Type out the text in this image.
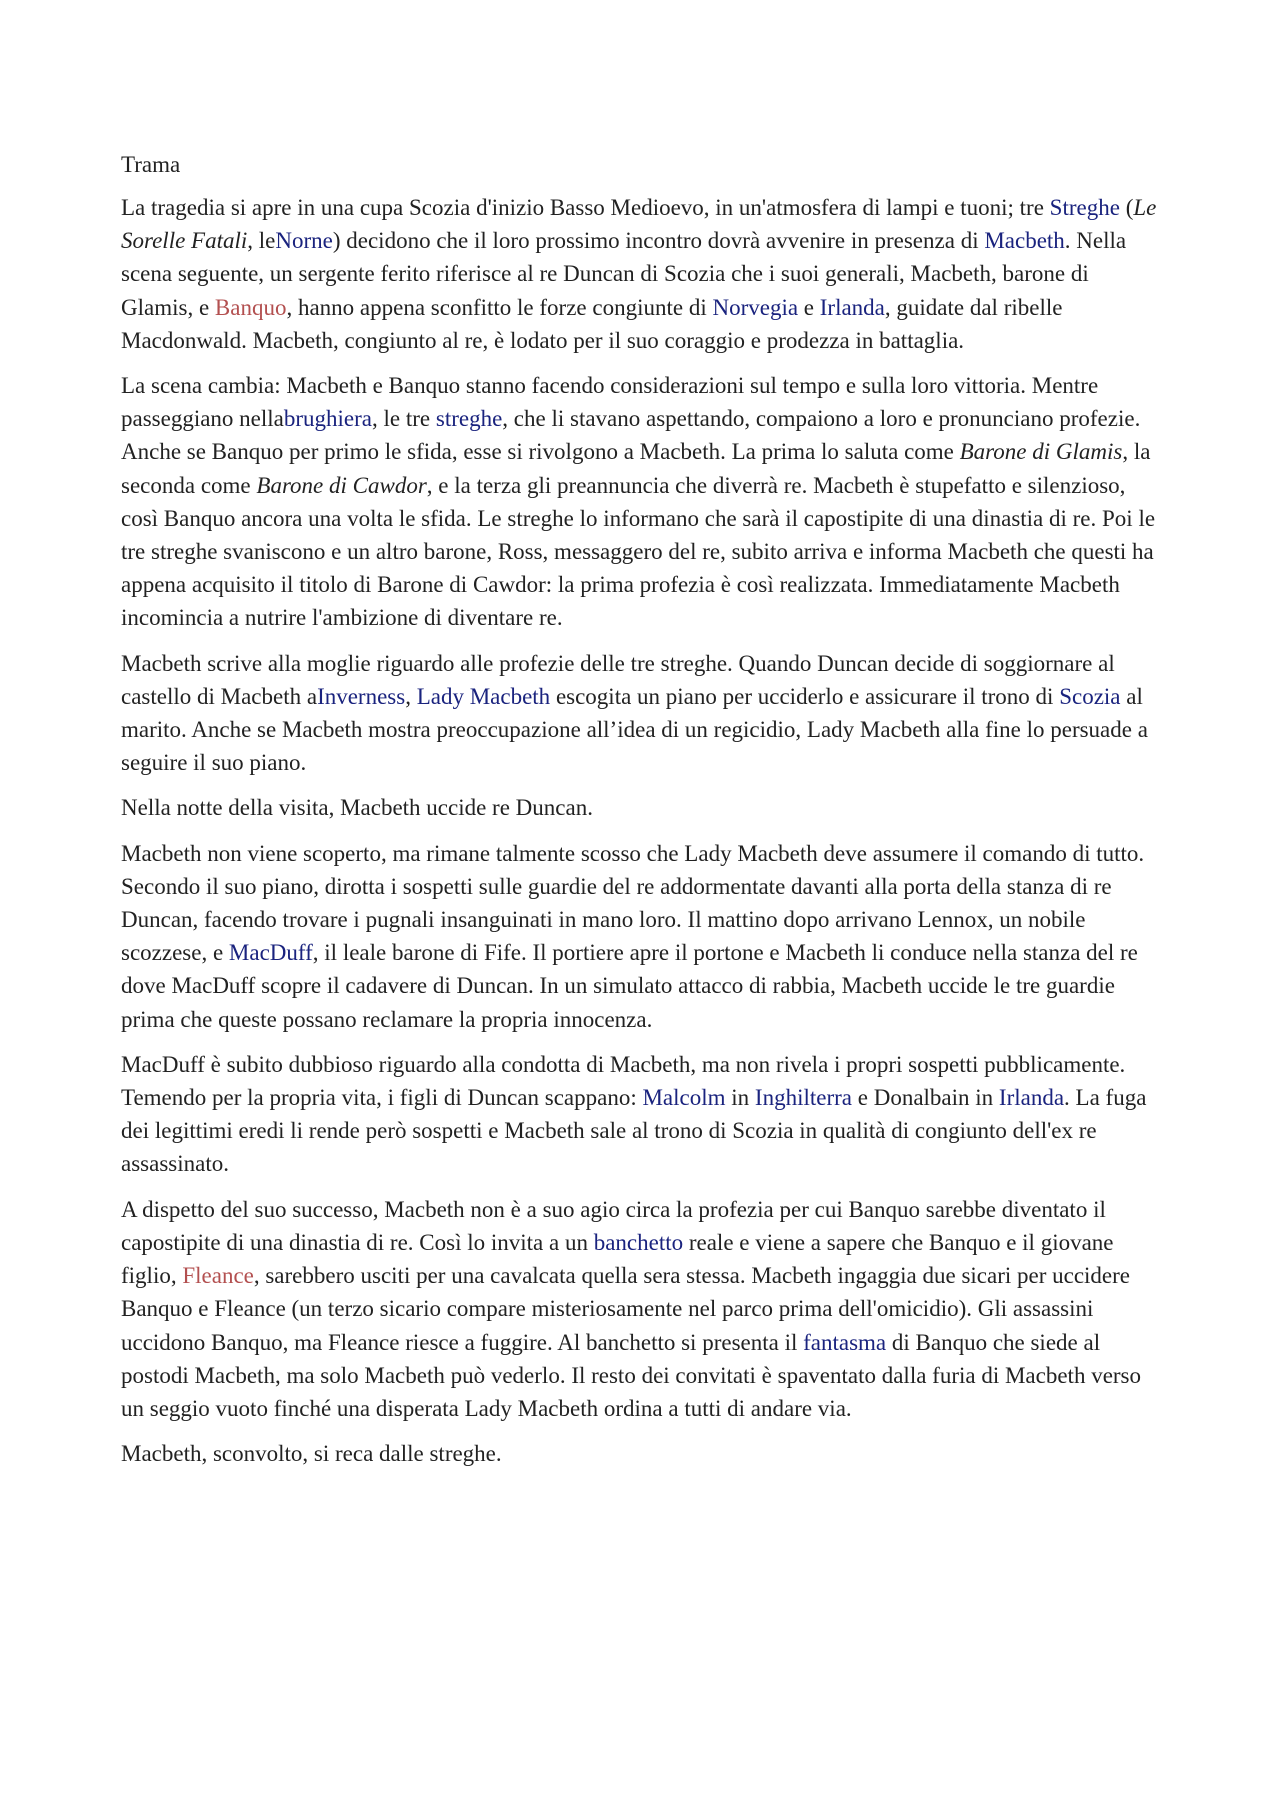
Trama

La tragedia si apre in una cupa Scozia d'inizio Basso Medioevo, in un'atmosfera di lampi e tuoni; tre Streghe (Le Sorelle Fatali, leNorne) decidono che il loro prossimo incontro dovrà avvenire in presenza di Macbeth. Nella scena seguente, un sergente ferito riferisce al re Duncan di Scozia che i suoi generali, Macbeth, barone di Glamis, e Banquo, hanno appena sconfitto le forze congiunte di Norvegia e Irlanda, guidate dal ribelle Macdonwald. Macbeth, congiunto al re, è lodato per il suo coraggio e prodezza in battaglia.

La scena cambia: Macbeth e Banquo stanno facendo considerazioni sul tempo e sulla loro vittoria. Mentre passeggiano nellabrughiera, le tre streghe, che li stavano aspettando, compaiono a loro e pronunciano profezie. Anche se Banquo per primo le sfida, esse si rivolgono a Macbeth. La prima lo saluta come Barone di Glamis, la seconda come Barone di Cawdor, e la terza gli preannuncia che diverrà re. Macbeth è stupefatto e silenzioso, così Banquo ancora una volta le sfida. Le streghe lo informano che sarà il capostipite di una dinastia di re. Poi le tre streghe svaniscono e un altro barone, Ross, messaggero del re, subito arriva e informa Macbeth che questi ha appena acquisito il titolo di Barone di Cawdor: la prima profezia è così realizzata. Immediatamente Macbeth incomincia a nutrire l'ambizione di diventare re.

Macbeth scrive alla moglie riguardo alle profezie delle tre streghe. Quando Duncan decide di soggiornare al castello di Macbeth aInverness, Lady Macbeth escogita un piano per ucciderlo e assicurare il trono di Scozia al marito. Anche se Macbeth mostra preoccupazione all’idea di un regicidio, Lady Macbeth alla fine lo persuade a seguire il suo piano.

Nella notte della visita, Macbeth uccide re Duncan.

Macbeth non viene scoperto, ma rimane talmente scosso che Lady Macbeth deve assumere il comando di tutto. Secondo il suo piano, dirotta i sospetti sulle guardie del re addormentate davanti alla porta della stanza di re Duncan, facendo trovare i pugnali insanguinati in mano loro. Il mattino dopo arrivano Lennox, un nobile scozzese, e MacDuff, il leale barone di Fife. Il portiere apre il portone e Macbeth li conduce nella stanza del re dove MacDuff scopre il cadavere di Duncan. In un simulato attacco di rabbia, Macbeth uccide le tre guardie prima che queste possano reclamare la propria innocenza.

MacDuff è subito dubbioso riguardo alla condotta di Macbeth, ma non rivela i propri sospetti pubblicamente. Temendo per la propria vita, i figli di Duncan scappano: Malcolm in Inghilterra e Donalbain in Irlanda. La fuga dei legittimi eredi li rende però sospetti e Macbeth sale al trono di Scozia in qualità di congiunto dell'ex re assassinato.

A dispetto del suo successo, Macbeth non è a suo agio circa la profezia per cui Banquo sarebbe diventato il capostipite di una dinastia di re. Così lo invita a un banchetto reale e viene a sapere che Banquo e il giovane figlio, Fleance, sarebbero usciti per una cavalcata quella sera stessa. Macbeth ingaggia due sicari per uccidere Banquo e Fleance (un terzo sicario compare misteriosamente nel parco prima dell'omicidio). Gli assassini uccidono Banquo, ma Fleance riesce a fuggire. Al banchetto si presenta il fantasma di Banquo che siede al postodi Macbeth, ma solo Macbeth può vederlo. Il resto dei convitati è spaventato dalla furia di Macbeth verso un seggio vuoto finché una disperata Lady Macbeth ordina a tutti di andare via.

Macbeth, sconvolto, si reca dalle streghe.
